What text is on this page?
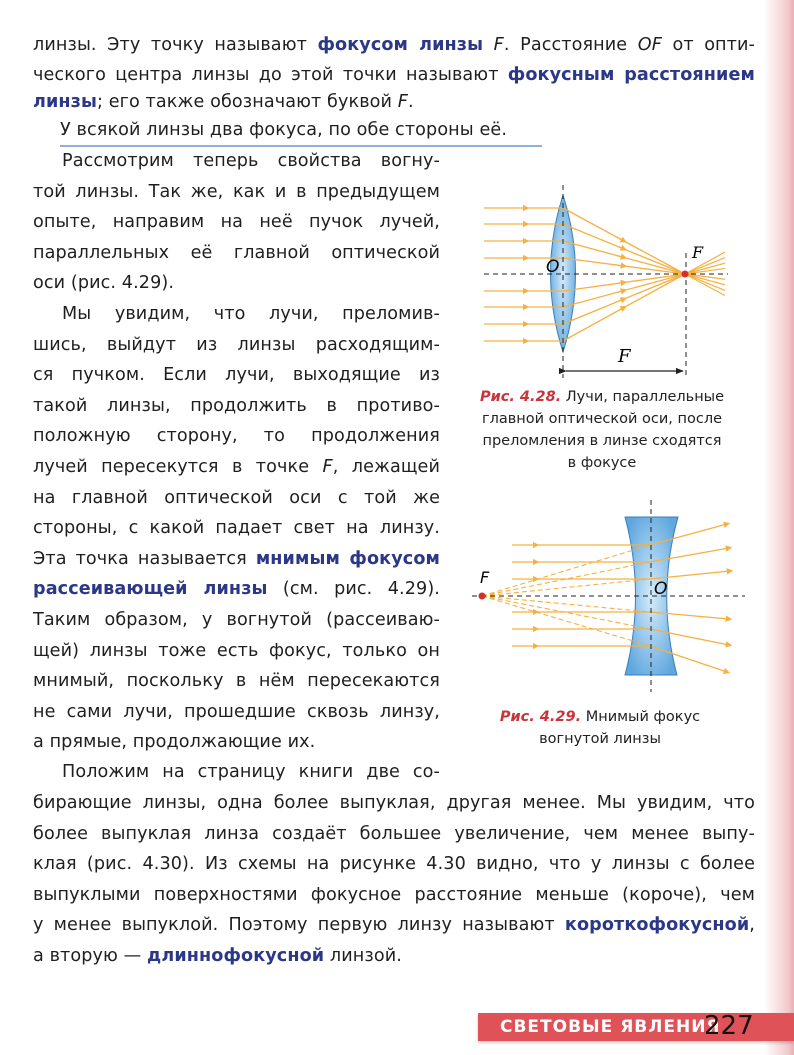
линзы. Эту точку называют фокусом линзы F. Расстояние OF от опти-
ческого центра линзы до этой точки называют фокусным расстоянием
линзы; его также обозначают буквой F.
У всякой линзы два фокуса, по обе стороны её.
Рассмотрим теперь свойства вогну-
той линзы. Так же, как и в предыдущем
опыте, направим на неё пучок лучей,
параллельных её главной оптической
оси (рис. 4.29).
Мы увидим, что лучи, преломив-
шись, выйдут из линзы расходящим-
ся пучком. Если лучи, выходящие из
такой линзы, продолжить в противо-
положную сторону, то продолжения
лучей пересекутся в точке F, лежащей
на главной оптической оси с той же
стороны, с какой падает свет на линзу.
Эта точка называется мнимым фокусом
рассеивающей линзы (см. рис. 4.29).
Таким образом, у вогнутой (рассеиваю-
щей) линзы тоже есть фокус, только он
мнимый, поскольку в нём пересекаются
не сами лучи, прошедшие сквозь линзу,
а прямые, продолжающие их.
Положим на страницу книги две со-
бирающие линзы, одна более выпуклая, другая менее. Мы увидим, что
более выпуклая линза создаёт большее увеличение, чем менее выпу-
клая (рис. 4.30). Из схемы на рисунке 4.30 видно, что у линзы с более
выпуклыми поверхностями фокусное расстояние меньше (короче), чем
у менее выпуклой. Поэтому первую линзу называют короткофокусной,
а вторую — длиннофокусной линзой.
O
F
F
O
F
Рис. 4.28. Лучи, параллельные
главной оптической оси, после
преломления в линзе сходятся
в фокусе
Рис. 4.29. Мнимый фокус
вогнутой линзы
СВЕТОВЫЕ ЯВЛЕНИЯ
227
